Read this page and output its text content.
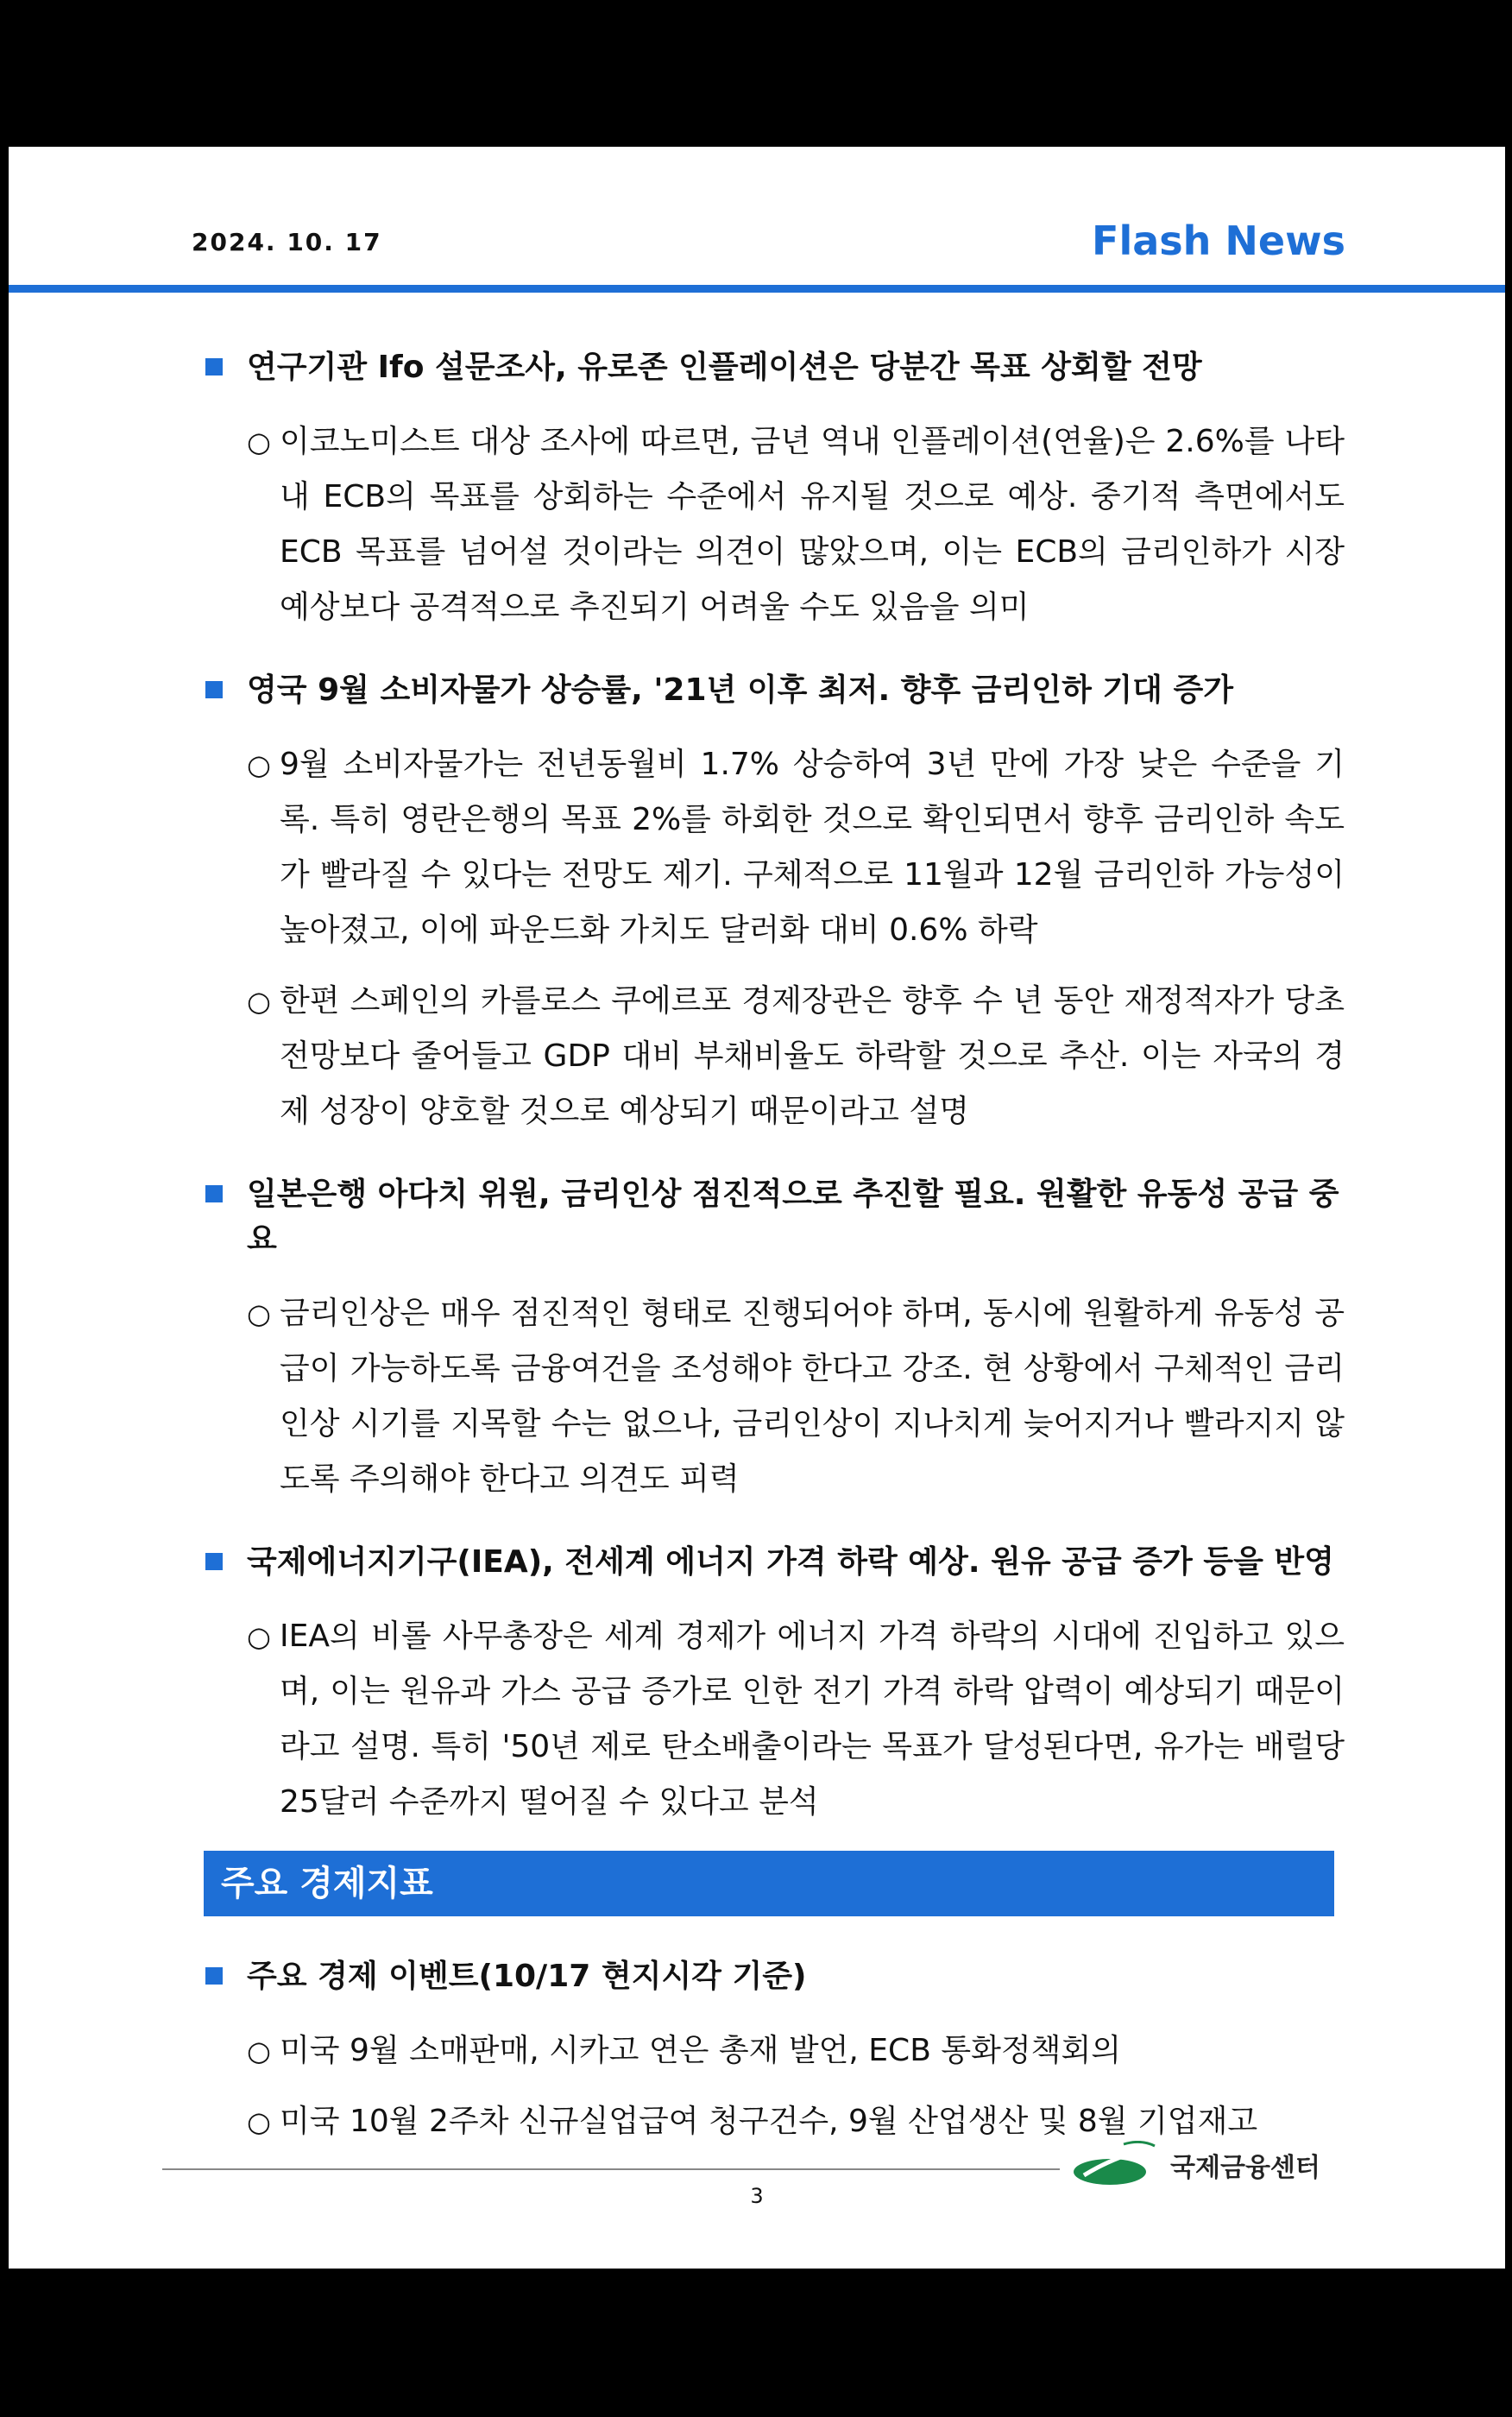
2024. 10. 17	Flash News
연구기관 Ifo 설문조사, 유로존 인플레이션은 당분간 목표 상회할 전망
○ 이코노미스트 대상 조사에 따르면, 금년 역내 인플레이션(연율)은 2.6%를 나타내 ECB의 목표를 상회하는 수준에서 유지될 것으로 예상. 중기적 측면에서도 ECB 목표를 넘어설 것이라는 의견이 많았으며, 이는 ECB의 금리인하가 시장 예상보다 공격적으로 추진되기 어려울 수도 있음을 의미
영국 9월 소비자물가 상승률, '21년 이후 최저. 향후 금리인하 기대 증가
○ 9월 소비자물가는 전년동월비 1.7% 상승하여 3년 만에 가장 낮은 수준을 기록. 특히 영란은행의 목표 2%를 하회한 것으로 확인되면서 향후 금리인하 속도가 빨라질 수 있다는 전망도 제기. 구체적으로 11월과 12월 금리인하 가능성이 높아졌고, 이에 파운드화 가치도 달러화 대비 0.6% 하락
○ 한편 스페인의 카를로스 쿠에르포 경제장관은 향후 수 년 동안 재정적자가 당초 전망보다 줄어들고 GDP 대비 부채비율도 하락할 것으로 추산. 이는 자국의 경제 성장이 양호할 것으로 예상되기 때문이라고 설명
일본은행 아다치 위원, 금리인상 점진적으로 추진할 필요. 원활한 유동성 공급 중요
○ 금리인상은 매우 점진적인 형태로 진행되어야 하며, 동시에 원활하게 유동성 공급이 가능하도록 금융여건을 조성해야 한다고 강조. 현 상황에서 구체적인 금리인상 시기를 지목할 수는 없으나, 금리인상이 지나치게 늦어지거나 빨라지지 않도록 주의해야 한다고 의견도 피력
국제에너지기구(IEA), 전세계 에너지 가격 하락 예상. 원유 공급 증가 등을 반영
○ IEA의 비롤 사무총장은 세계 경제가 에너지 가격 하락의 시대에 진입하고 있으며, 이는 원유과 가스 공급 증가로 인한 전기 가격 하락 압력이 예상되기 때문이라고 설명. 특히 '50년 제로 탄소배출이라는 목표가 달성된다면, 유가는 배럴당 25달러 수준까지 떨어질 수 있다고 분석
주요 경제지표
주요 경제 이벤트(10/17 현지시각 기준)
○ 미국 9월 소매판매, 시카고 연은 총재 발언, ECB 통화정책회의
○ 미국 10월 2주차 신규실업급여 청구건수, 9월 산업생산 및 8월 기업재고
국제금융센터
3
